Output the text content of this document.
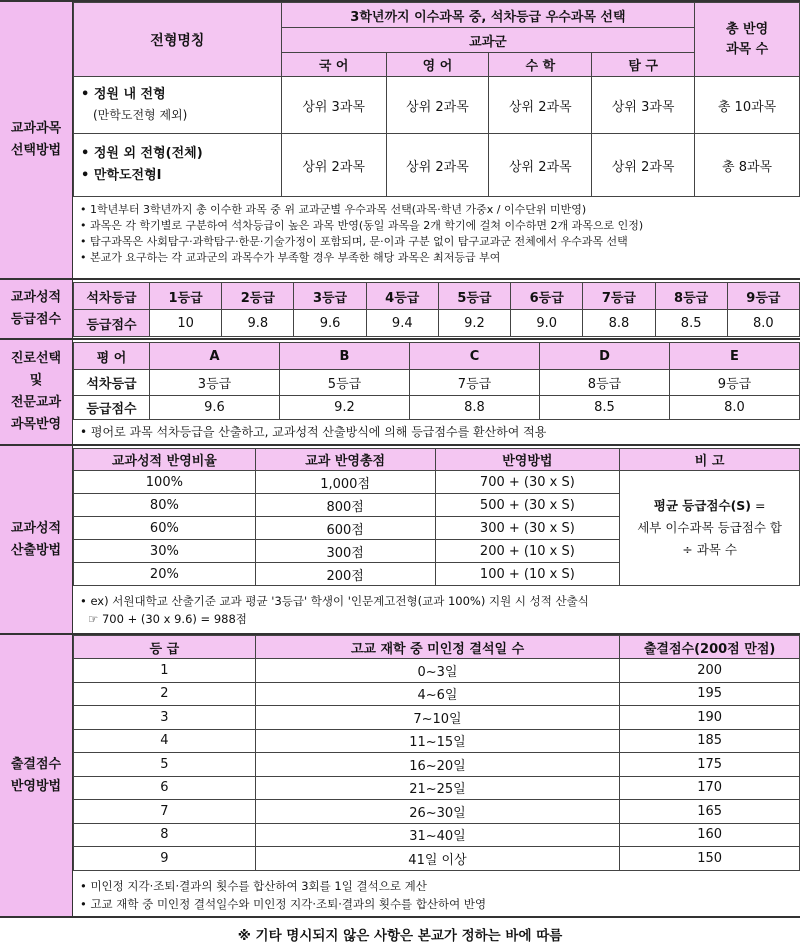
교과과목
선택방법
전형명칭	3학년까지 이수과목 중, 석차등급 우수과목 선택				총 반영
과목 수
	교과군				
	국 어	영 어	수 학	탐 구	

• 정원 내 전형
(만학도전형 제외)	상위 3과목	상위 2과목	상위 2과목	상위 3과목	총 10과목

• 정원 외 전형(전체)
• 만학도전형Ⅰ	상위 2과목	상위 2과목	상위 2과목	상위 2과목	총 8과목
• 1학년부터 3학년까지 총 이수한 과목 중 위 교과군별 우수과목 선택(과목·학년 가중x / 이수단위 미반영)
• 과목은 각 학기별로 구분하여 석차등급이 높은 과목 반영(동일 과목을 2개 학기에 걸쳐 이수하면 2개 과목으로 인정)
• 탐구과목은 사회탐구·과학탐구·한문·기술가정이 포함되며, 문·이과 구분 없이 탐구교과군 전체에서 우수과목 선택
• 본교가 요구하는 각 교과군의 과목수가 부족할 경우 부족한 해당 과목은 최저등급 부여
교과성적
등급점수
석차등급	1등급	2등급	3등급	4등급	5등급	6등급	7등급	8등급	9등급
등급점수	10	9.8	9.6	9.4	9.2	9.0	8.8	8.5	8.0
진로선택
및
전문교과
과목반영
평 어	A	B	C	D	E
석차등급	3등급	5등급	7등급	8등급	9등급
등급점수	9.6	9.2	8.8	8.5	8.0
• 평어로 과목 석차등급을 산출하고, 교과성적 산출방식에 의해 등급점수를 환산하여 적용
교과성적
산출방법
교과성적 반영비율	교과 반영총점	반영방법	비 고
100%	1,000점	700 + (30 x S)	평균 등급점수(S) =
세부 이수과목 등급점수 합
÷ 과목 수

80%	800점	500 + (30 x S)	
60%	600점	300 + (30 x S)	
30%	300점	200 + (10 x S)	
20%	200점	100 + (10 x S)	
• ex) 서원대학교 산출기준 교과 평균 '3등급' 학생이 '인문계고전형(교과 100%) 지원 시 성적 산출식
☞ 700 + (30 x 9.6) = 988점
출결점수
반영방법
등 급	고교 재학 중 미인정 결석일 수	출결점수(200점 만점)
1	0~3일	200
2	4~6일	195
3	7~10일	190
4	11~15일	185
5	16~20일	175
6	21~25일	170
7	26~30일	165
8	31~40일	160
9	41일 이상	150
• 미인정 지각·조퇴·결과의 횟수를 합산하여 3회를 1일 결석으로 계산
• 고교 재학 중 미인정 결석일수와 미인정 지각·조퇴·결과의 횟수를 합산하여 반영
※ 기타 명시되지 않은 사항은 본교가 정하는 바에 따름
